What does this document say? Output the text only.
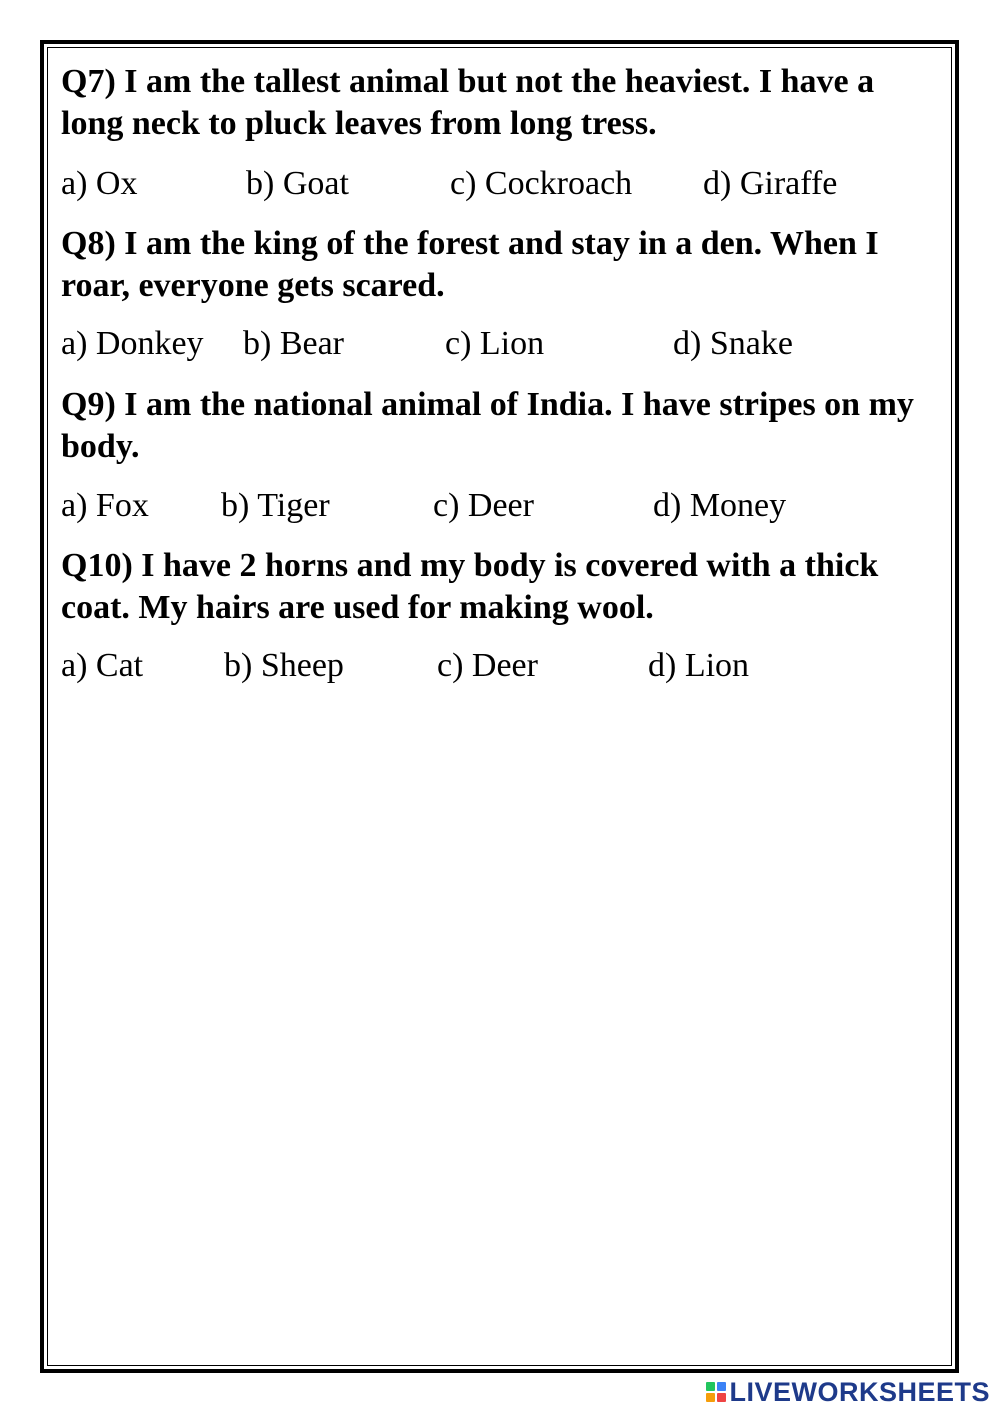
Q7) I am the tallest animal but not the heaviest. I have a long neck to pluck leaves from long tress.

a) Ox	b) Goat	c) Cockroach d) Giraffe

Q8) I am the king of the forest and stay in a den. When I roar, everyone gets scared.

a) Donkey b) Bear	c) Lion	d) Snake

Q9) I am the national animal of India. I have stripes on my body.

a) Fox b) Tiger	c) Deer	d) Money

Q10) I have 2 horns and my body is covered with a thick coat. My hairs are used for making wool.

a) Cat b) Sheep	c) Deer	d) Lion
LIVEWORKSHEETS
